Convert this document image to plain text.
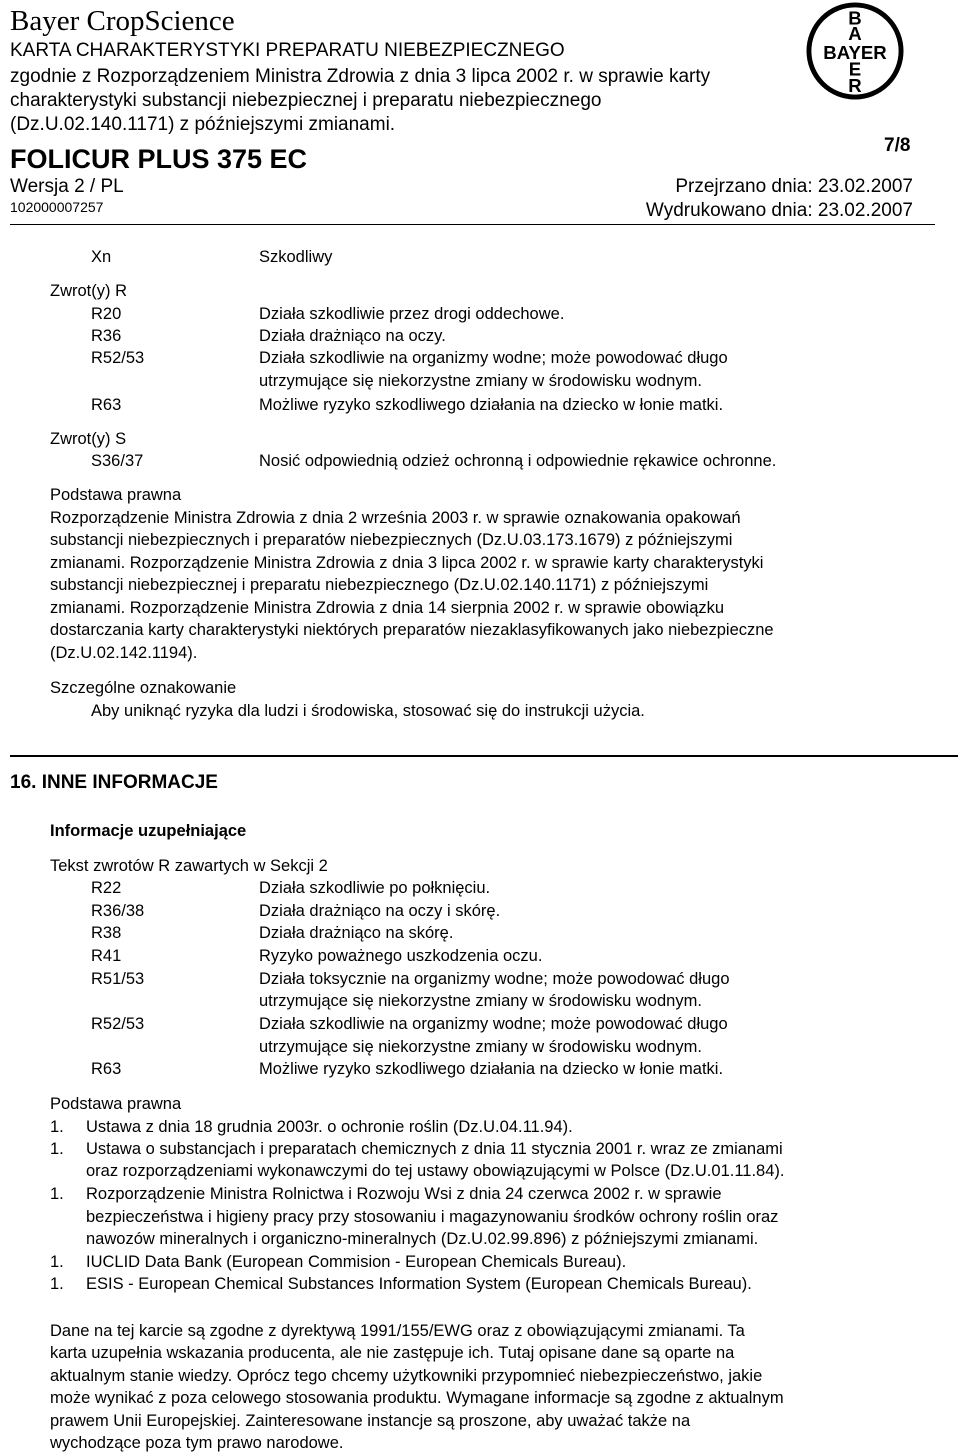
Bayer CropScience
KARTA CHARAKTERYSTYKI PREPARATU NIEBEZPIECZNEGO
zgodnie z Rozporządzeniem Ministra Zdrowia z dnia 3 lipca 2002 r. w sprawie karty
charakterystyki substancji niebezpiecznej i preparatu niebezpiecznego
(Dz.U.02.140.1171) z późniejszymi zmianami.
FOLICUR PLUS 375 EC	7/8
Wersja 2 / PL
102000007257
Przejrzano dnia: 23.02.2007
Wydrukowano dnia: 23.02.2007
B
A
BAYER
E
R
Xn	Szkodliwy
Zwrot(y) R
R20	Działa szkodliwie przez drogi oddechowe.
R36	Działa drażniąco na oczy.
R52/53	Działa szkodliwie na organizmy wodne; może powodować długo
utrzymujące się niekorzystne zmiany w środowisku wodnym.
R63	Możliwe ryzyko szkodliwego działania na dziecko w łonie matki.
Zwrot(y) S
S36/37	Nosić odpowiednią odzież ochronną i odpowiednie rękawice ochronne.
Podstawa prawna
Rozporządzenie Ministra Zdrowia z dnia 2 września 2003 r. w sprawie oznakowania opakowań
substancji niebezpiecznych i preparatów niebezpiecznych (Dz.U.03.173.1679) z późniejszymi
zmianami. Rozporządzenie Ministra Zdrowia z dnia 3 lipca 2002 r. w sprawie karty charakterystyki
substancji niebezpiecznej i preparatu niebezpiecznego (Dz.U.02.140.1171) z późniejszymi
zmianami. Rozporządzenie Ministra Zdrowia z dnia 14 sierpnia 2002 r. w sprawie obowiązku
dostarczania karty charakterystyki niektórych preparatów niezaklasyfikowanych jako niebezpieczne
(Dz.U.02.142.1194).
Szczególne oznakowanie
Aby uniknąć ryzyka dla ludzi i środowiska, stosować się do instrukcji użycia.
16. INNE INFORMACJE
Informacje uzupełniające
Tekst zwrotów R zawartych w Sekcji 2
R22	Działa szkodliwie po połknięciu.
R36/38	Działa drażniąco na oczy i skórę.
R38	Działa drażniąco na skórę.
R41	Ryzyko poważnego uszkodzenia oczu.
R51/53	Działa toksycznie na organizmy wodne; może powodować długo
utrzymujące się niekorzystne zmiany w środowisku wodnym.
R52/53	Działa szkodliwie na organizmy wodne; może powodować długo
utrzymujące się niekorzystne zmiany w środowisku wodnym.
R63	Możliwe ryzyko szkodliwego działania na dziecko w łonie matki.
Podstawa prawna
1. Ustawa z dnia 18 grudnia 2003r. o ochronie roślin (Dz.U.04.11.94).
1. Ustawa o substancjach i preparatach chemicznych z dnia 11 stycznia 2001 r. wraz ze zmianami
oraz rozporządzeniami wykonawczymi do tej ustawy obowiązującymi w Polsce (Dz.U.01.11.84).
1. Rozporządzenie Ministra Rolnictwa i Rozwoju Wsi z dnia 24 czerwca 2002 r. w sprawie
bezpieczeństwa i higieny pracy przy stosowaniu i magazynowaniu środków ochrony roślin oraz
nawozów mineralnych i organiczno-mineralnych (Dz.U.02.99.896) z późniejszymi zmianami.
1. IUCLID Data Bank (European Commision - European Chemicals Bureau).
1. ESIS - European Chemical Substances Information System (European Chemicals Bureau).
Dane na tej karcie są zgodne z dyrektywą 1991/155/EWG oraz z obowiązującymi zmianami. Ta
karta uzupełnia wskazania producenta, ale nie zastępuje ich. Tutaj opisane dane są oparte na
aktualnym stanie wiedzy. Oprócz tego chcemy użytkowniki przypomnieć niebezpieczeństwo, jakie
może wynikać z poza celowego stosowania produktu. Wymagane informacje są zgodne z aktualnym
prawem Unii Europejskiej. Zainteresowane instancje są proszone, aby uważać także na
wychodzące poza tym prawo narodowe.
